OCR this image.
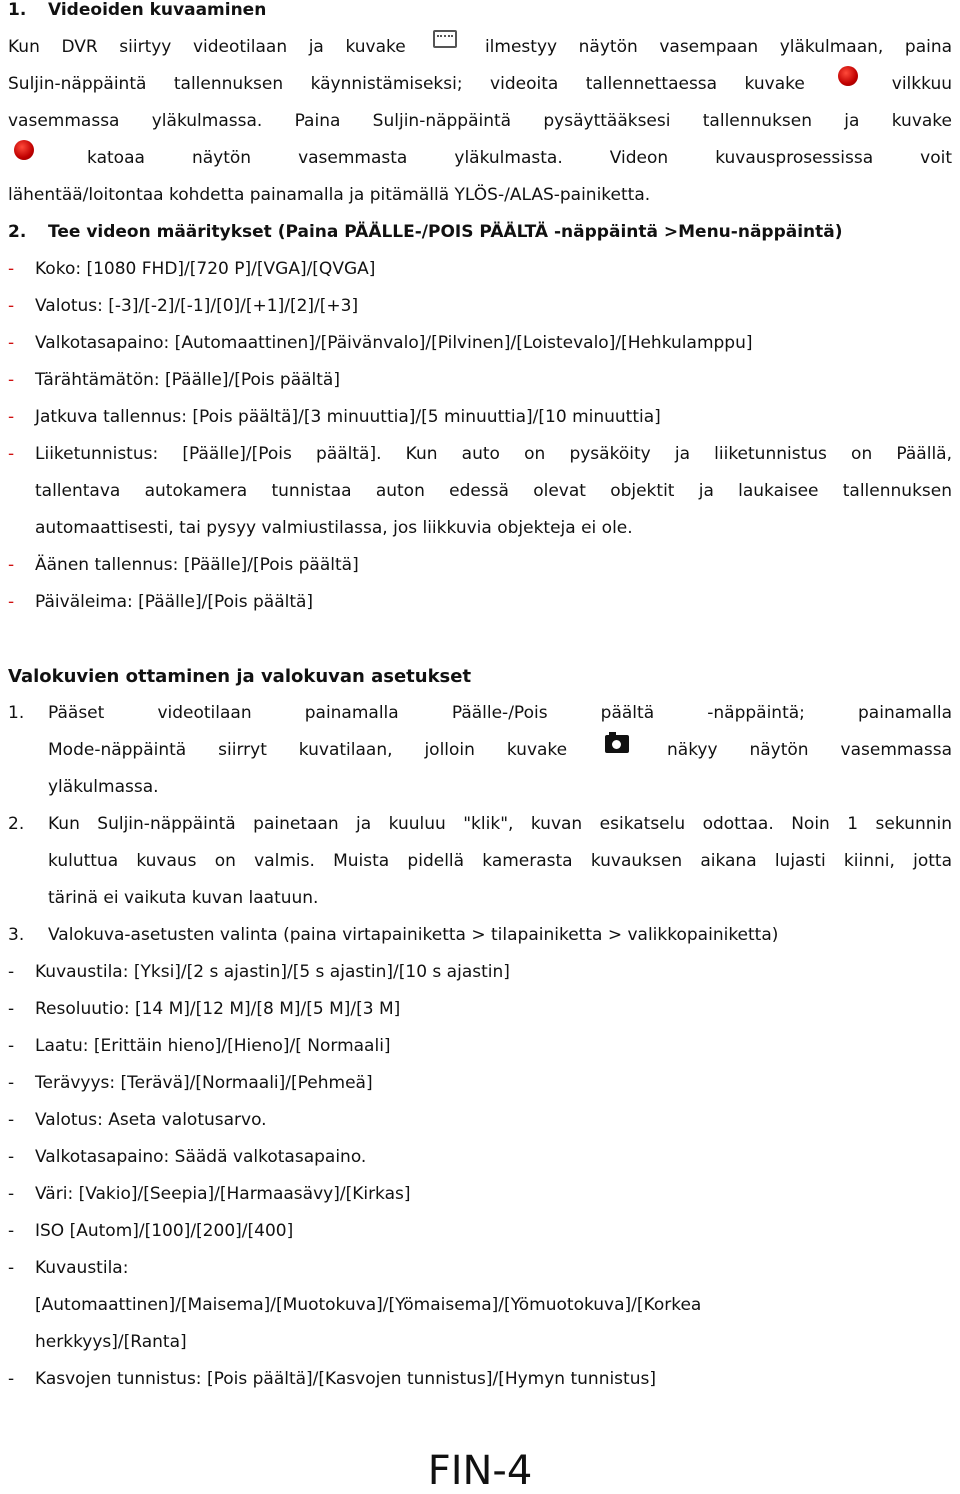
1. Videoiden kuvaaminen
Kun DVR siirtyy videotilaan ja kuvake	ilmestyy näytön vasempaan yläkulmaan, paina
Suljin-näppäintä tallennuksen käynnistämiseksi; videoita tallennettaessa kuvake	vilkkuu
vasemmassa yläkulmassa. Paina Suljin-näppäintä pysäyttääksesi tallennuksen ja kuvake
katoaa näytön vasemmasta yläkulmasta. Videon kuvausprosessissa voit
lähentää/loitontaa kohdetta painamalla ja pitämällä YLÖS-/ALAS-painiketta.
2. Tee videon määritykset (Paina PÄÄLLE-/POIS PÄÄLTÄ -näppäintä >Menu-näppäintä)
- Koko: [1080 FHD]/[720 P]/[VGA]/[QVGA]
- Valotus: [-3]/[-2]/[-1]/[0]/[+1]/[2]/[+3]
- Valkotasapaino: [Automaattinen]/[Päivänvalo]/[Pilvinen]/[Loistevalo]/[Hehkulamppu]
- Tärähtämätön: [Päälle]/[Pois päältä]
- Jatkuva tallennus: [Pois päältä]/[3 minuuttia]/[5 minuuttia]/[10 minuuttia]
- Liiketunnistus: [Päälle]/[Pois päältä]. Kun auto on pysäköity ja liiketunnistus on Päällä,
tallentava autokamera tunnistaa auton edessä olevat objektit ja laukaisee tallennuksen
automaattisesti, tai pysyy valmiustilassa, jos liikkuvia objekteja ei ole.
- Äänen tallennus: [Päälle]/[Pois päältä]
- Päiväleima: [Päälle]/[Pois päältä]
Valokuvien ottaminen ja valokuvan asetukset
1. Pääset videotilaan painamalla Päälle-/Pois päältä -näppäintä; painamalla
Mode-näppäintä siirryt kuvatilaan, jolloin kuvake	näkyy näytön vasemmassa
yläkulmassa.
2. Kun Suljin-näppäintä painetaan ja kuuluu "klik", kuvan esikatselu odottaa. Noin 1 sekunnin
kuluttua kuvaus on valmis. Muista pidellä kamerasta kuvauksen aikana lujasti kiinni, jotta
tärinä ei vaikuta kuvan laatuun.
3. Valokuva-asetusten valinta (paina virtapainiketta > tilapainiketta > valikkopainiketta)
- Kuvaustila: [Yksi]/[2 s ajastin]/[5 s ajastin]/[10 s ajastin]
- Resoluutio: [14 M]/[12 M]/[8 M]/[5 M]/[3 M]
- Laatu: [Erittäin hieno]/[Hieno]/[ Normaali]
- Terävyys: [Terävä]/[Normaali]/[Pehmeä]
- Valotus: Aseta valotusarvo.
- Valkotasapaino: Säädä valkotasapaino.
- Väri: [Vakio]/[Seepia]/[Harmaasävy]/[Kirkas]
- ISO [Autom]/[100]/[200]/[400]
- Kuvaustila:
[Automaattinen]/[Maisema]/[Muotokuva]/[Yömaisema]/[Yömuotokuva]/[Korkea
herkkyys]/[Ranta]
- Kasvojen tunnistus: [Pois päältä]/[Kasvojen tunnistus]/[Hymyn tunnistus]
FIN-4
